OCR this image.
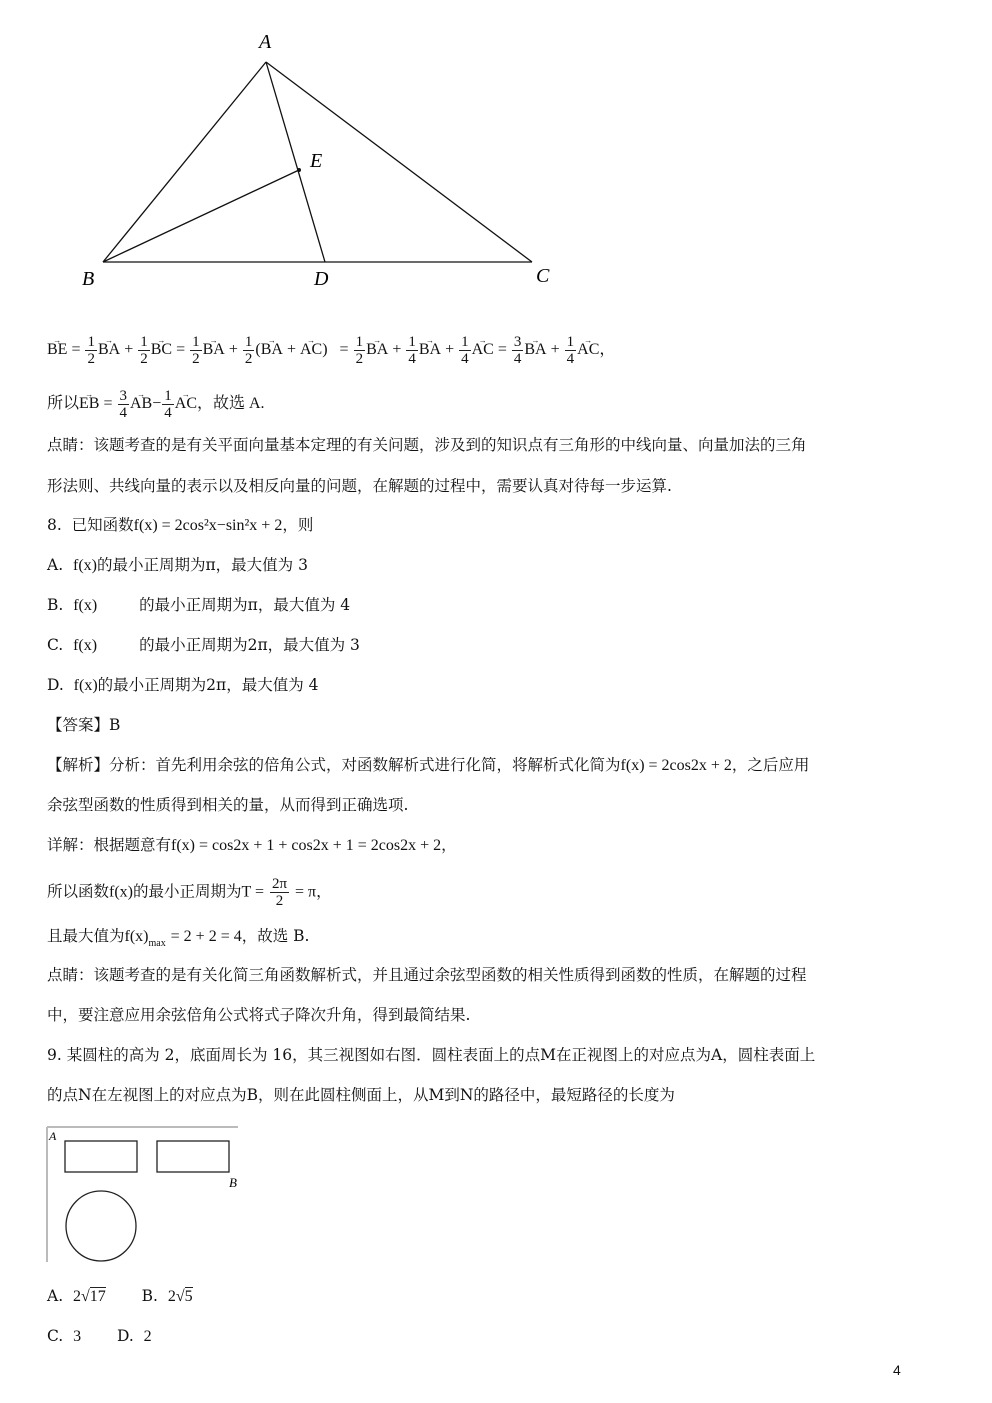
A
B	C
D
E
→ BE = $\frac{1}{2}$ → BA + $\frac{1}{2}$ → BC = $\frac{1}{2}$ → BA + $\frac{1}{2}$ (→ BA + → $AC) = \frac{1}{2}$ → BA + $\frac{1}{4}$ → BA + $\frac{1}{4}$ → AC = $\frac{3}{4}$ → BA + $\frac{1}{4}$ → AC，
所以→ EB = $\frac{3}{4} \to AB- \frac{1}{4}$ → AC，故选 A.
点睛：该题考查的是有关平面向量基本定理的有关问题，涉及到的知识点有三角形的中线向量、向量加法的三角
形法则、共线向量的表示以及相反向量的问题，在解题的过程中，需要认真对待每一步运算.
8. 已知函数f(x) = 2cos²x−sin²x + 2，则
A. f(x)的最小正周期为π，最大值为 3
B. f(x)	的最小正周期为π，最大值为 4
C. f(x)	的最小正周期为2π，最大值为 3
D. f(x)的最小正周期为2π，最大值为 4
【答案】B
【解析】分析：首先利用余弦的倍角公式，对函数解析式进行化简，将解析式化简为f(x) = 2cos2x + 2，之后应用
余弦型函数的性质得到相关的量，从而得到正确选项.
详解：根据题意有f(x) = cos2x + 1 + cos2x + 1 = 2cos2x + 2，
所以函数f(x)的最小正周期为$T = \frac{2\pi}{2} = \pi$，
且最大值为$f(x)_{max} = 2 + 2 = 4$，故选 B.
点睛：该题考查的是有关化简三角函数解析式，并且通过余弦型函数的相关性质得到函数的性质，在解题的过程
中，要注意应用余弦倍角公式将式子降次升角，得到最简结果.
9. 某圆柱的高为 2，底面周长为 16，其三视图如右图．圆柱表面上的点M在正视图上的对应点为A，圆柱表面上
的点N在左视图上的对应点为B，则在此圆柱侧面上，从M到N的路径中，最短路径的长度为
A
B
A. 2√17 B. 2√5
C. 3 D. 2
4
